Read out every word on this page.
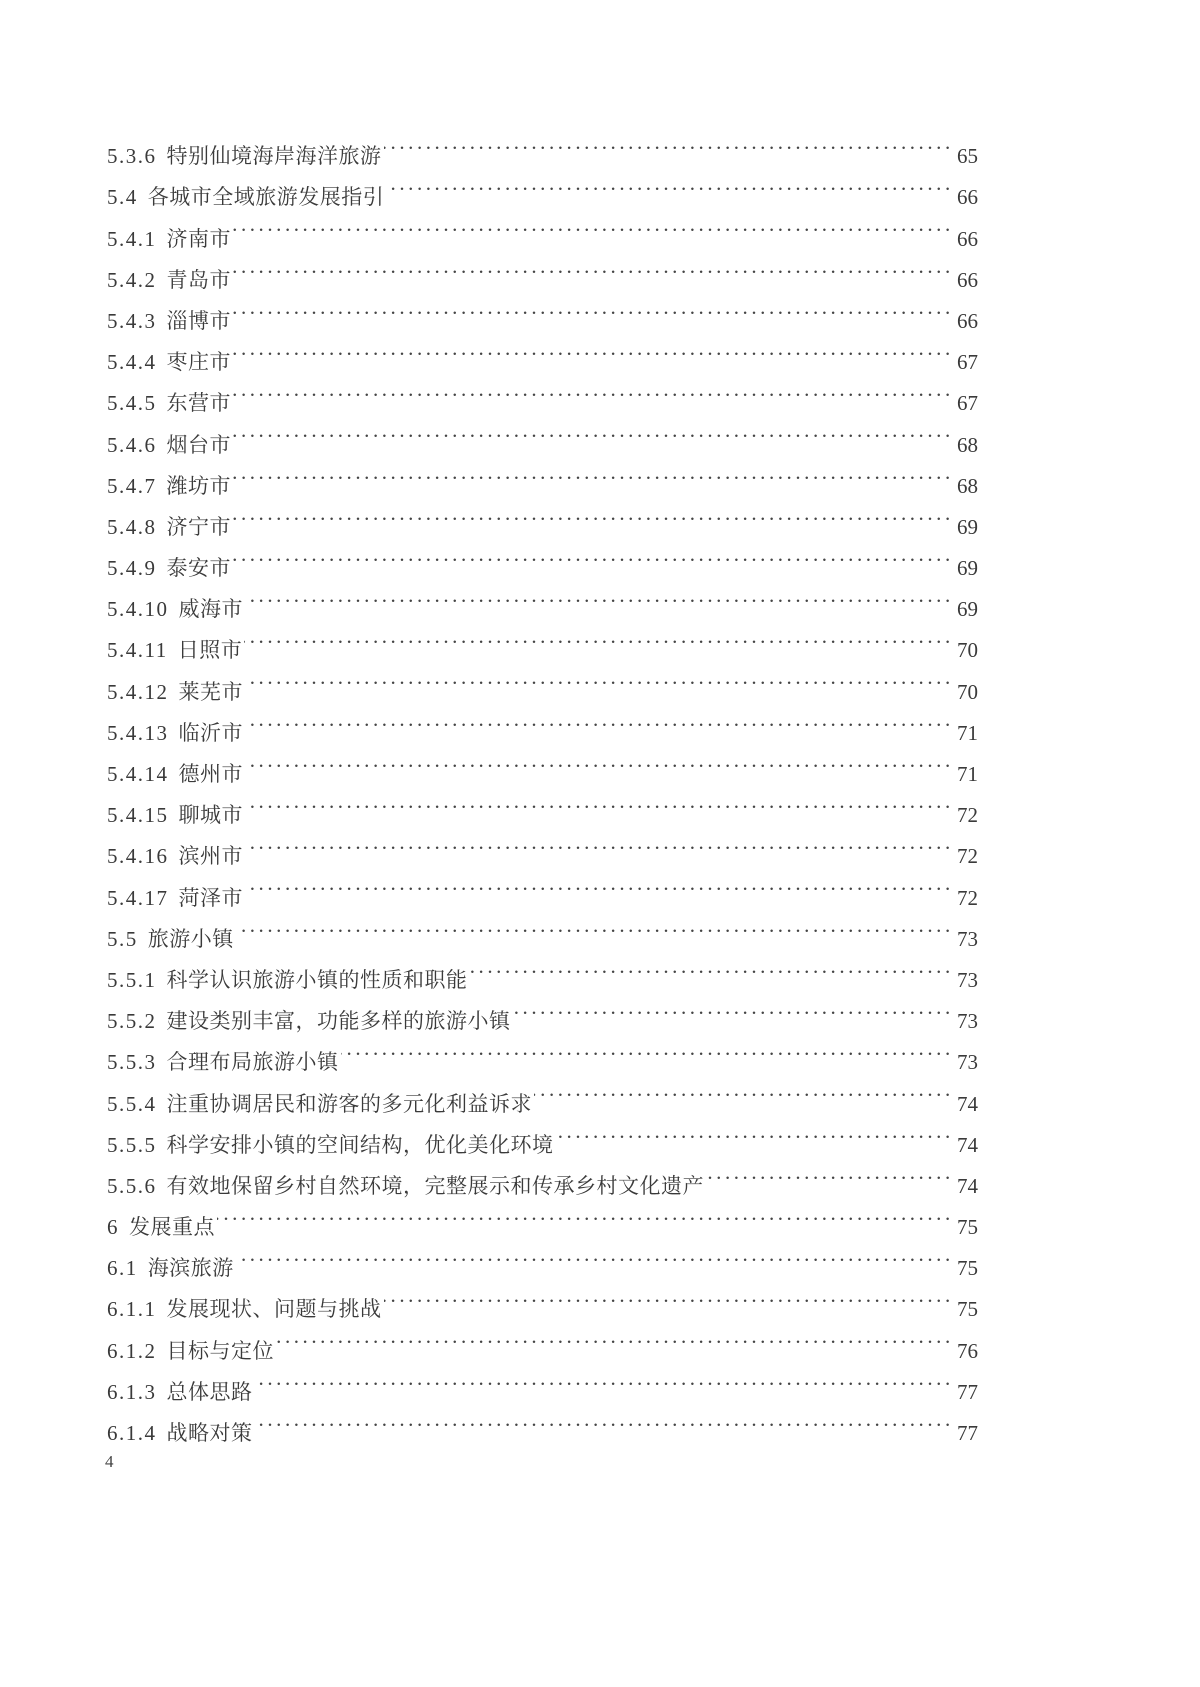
5.3.6 特别仙境海岸海洋旅游 . . .	65
5.4 各城市全域旅游发展指引 . . .	66
5.4.1 济南市 . . .	66
5.4.2 青岛市 . . .	66
5.4.3 淄博市 . . .	66
5.4.4 枣庄市 . . .	67
5.4.5 东营市 . . .	67
5.4.6 烟台市 . . .	68
5.4.7 潍坊市 . . .	68
5.4.8 济宁市 . . .	69
5.4.9 泰安市 . . .	69
5.4.10 威海市 . . .	69
5.4.11 日照市 . . .	70
5.4.12 莱芜市 . . .	70
5.4.13 临沂市 . . .	71
5.4.14 德州市 . . .	71
5.4.15 聊城市 . . .	72
5.4.16 滨州市 . . .	72
5.4.17 菏泽市 . . .	72
5.5 旅游小镇 . . .	73
5.5.1 科学认识旅游小镇的性质和职能 . . .	73
5.5.2 建设类别丰富，功能多样的旅游小镇 . . .	73
5.5.3 合理布局旅游小镇 . . .	73
5.5.4 注重协调居民和游客的多元化利益诉求 . . .	74
5.5.5 科学安排小镇的空间结构，优化美化环境 . . .	74
5.5.6 有效地保留乡村自然环境，完整展示和传承乡村文化遗产 . . .	74
6 发展重点 . . .	75
6.1 海滨旅游 . . .	75
6.1.1 发展现状、问题与挑战 . . .	75
6.1.2 目标与定位 . . .	76
6.1.3 总体思路 . . .	77
6.1.4 战略对策 . . .	77
4
